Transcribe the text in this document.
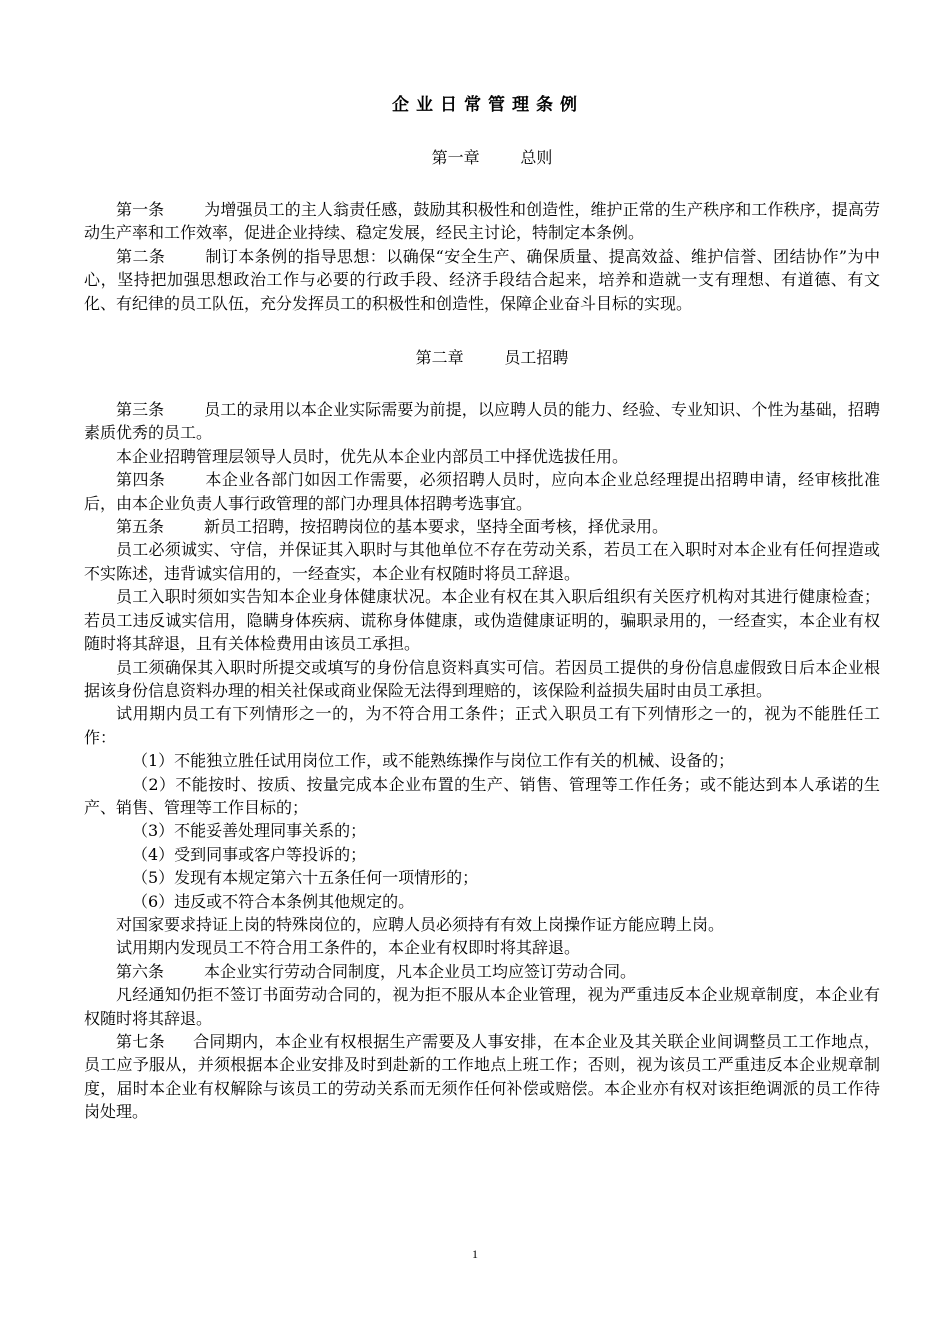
企业日常管理条例
第一章	总则

第一条	为增强员工的主人翁责任感，鼓励其积极性和创造性，维护正常的生产秩序和工作秩序，提高劳动生产率和工作效率，促进企业持续、稳定发展，经民主讨论，特制定本条例。

第二条	制订本条例的指导思想：以确保“安全生产、确保质量、提高效益、维护信誉、团结协作”为中心，坚持把加强思想政治工作与必要的行政手段、经济手段结合起来，培养和造就一支有理想、有道德、有文化、有纪律的员工队伍，充分发挥员工的积极性和创造性，保障企业奋斗目标的实现。

第二章	员工招聘

第三条	员工的录用以本企业实际需要为前提，以应聘人员的能力、经验、专业知识、个性为基础，招聘素质优秀的员工。

本企业招聘管理层领导人员时，优先从本企业内部员工中择优选拔任用。

第四条	本企业各部门如因工作需要，必须招聘人员时，应向本企业总经理提出招聘申请，经审核批准后，由本企业负责人事行政管理的部门办理具体招聘考选事宜。

第五条	新员工招聘，按招聘岗位的基本要求，坚持全面考核，择优录用。

员工必须诚实、守信，并保证其入职时与其他单位不存在劳动关系，若员工在入职时对本企业有任何捏造或不实陈述，违背诚实信用的，一经查实，本企业有权随时将员工辞退。

员工入职时须如实告知本企业身体健康状况。本企业有权在其入职后组织有关医疗机构对其进行健康检查；若员工违反诚实信用，隐瞒身体疾病、谎称身体健康，或伪造健康证明的，骗职录用的，一经查实，本企业有权随时将其辞退，且有关体检费用由该员工承担。

员工须确保其入职时所提交或填写的身份信息资料真实可信。若因员工提供的身份信息虚假致日后本企业根据该身份信息资料办理的相关社保或商业保险无法得到理赔的，该保险利益损失届时由员工承担。

试用期内员工有下列情形之一的，为不符合用工条件；正式入职员工有下列情形之一的，视为不能胜任工作：

（1）不能独立胜任试用岗位工作，或不能熟练操作与岗位工作有关的机械、设备的；

（2）不能按时、按质、按量完成本企业布置的生产、销售、管理等工作任务；或不能达到本人承诺的生产、销售、管理等工作目标的；

（3）不能妥善处理同事关系的；

（4）受到同事或客户等投诉的；

（5）发现有本规定第六十五条任何一项情形的；

（6）违反或不符合本条例其他规定的。

对国家要求持证上岗的特殊岗位的，应聘人员必须持有有效上岗操作证方能应聘上岗。

试用期内发现员工不符合用工条件的，本企业有权即时将其辞退。

第六条	本企业实行劳动合同制度，凡本企业员工均应签订劳动合同。

凡经通知仍拒不签订书面劳动合同的，视为拒不服从本企业管理，视为严重违反本企业规章制度，本企业有权随时将其辞退。

第七条 合同期内，本企业有权根据生产需要及人事安排，在本企业及其关联企业间调整员工工作地点，员工应予服从，并须根据本企业安排及时到赴新的工作地点上班工作；否则，视为该员工严重违反本企业规章制度，届时本企业有权解除与该员工的劳动关系而无须作任何补偿或赔偿。本企业亦有权对该拒绝调派的员工作待岗处理。

1
